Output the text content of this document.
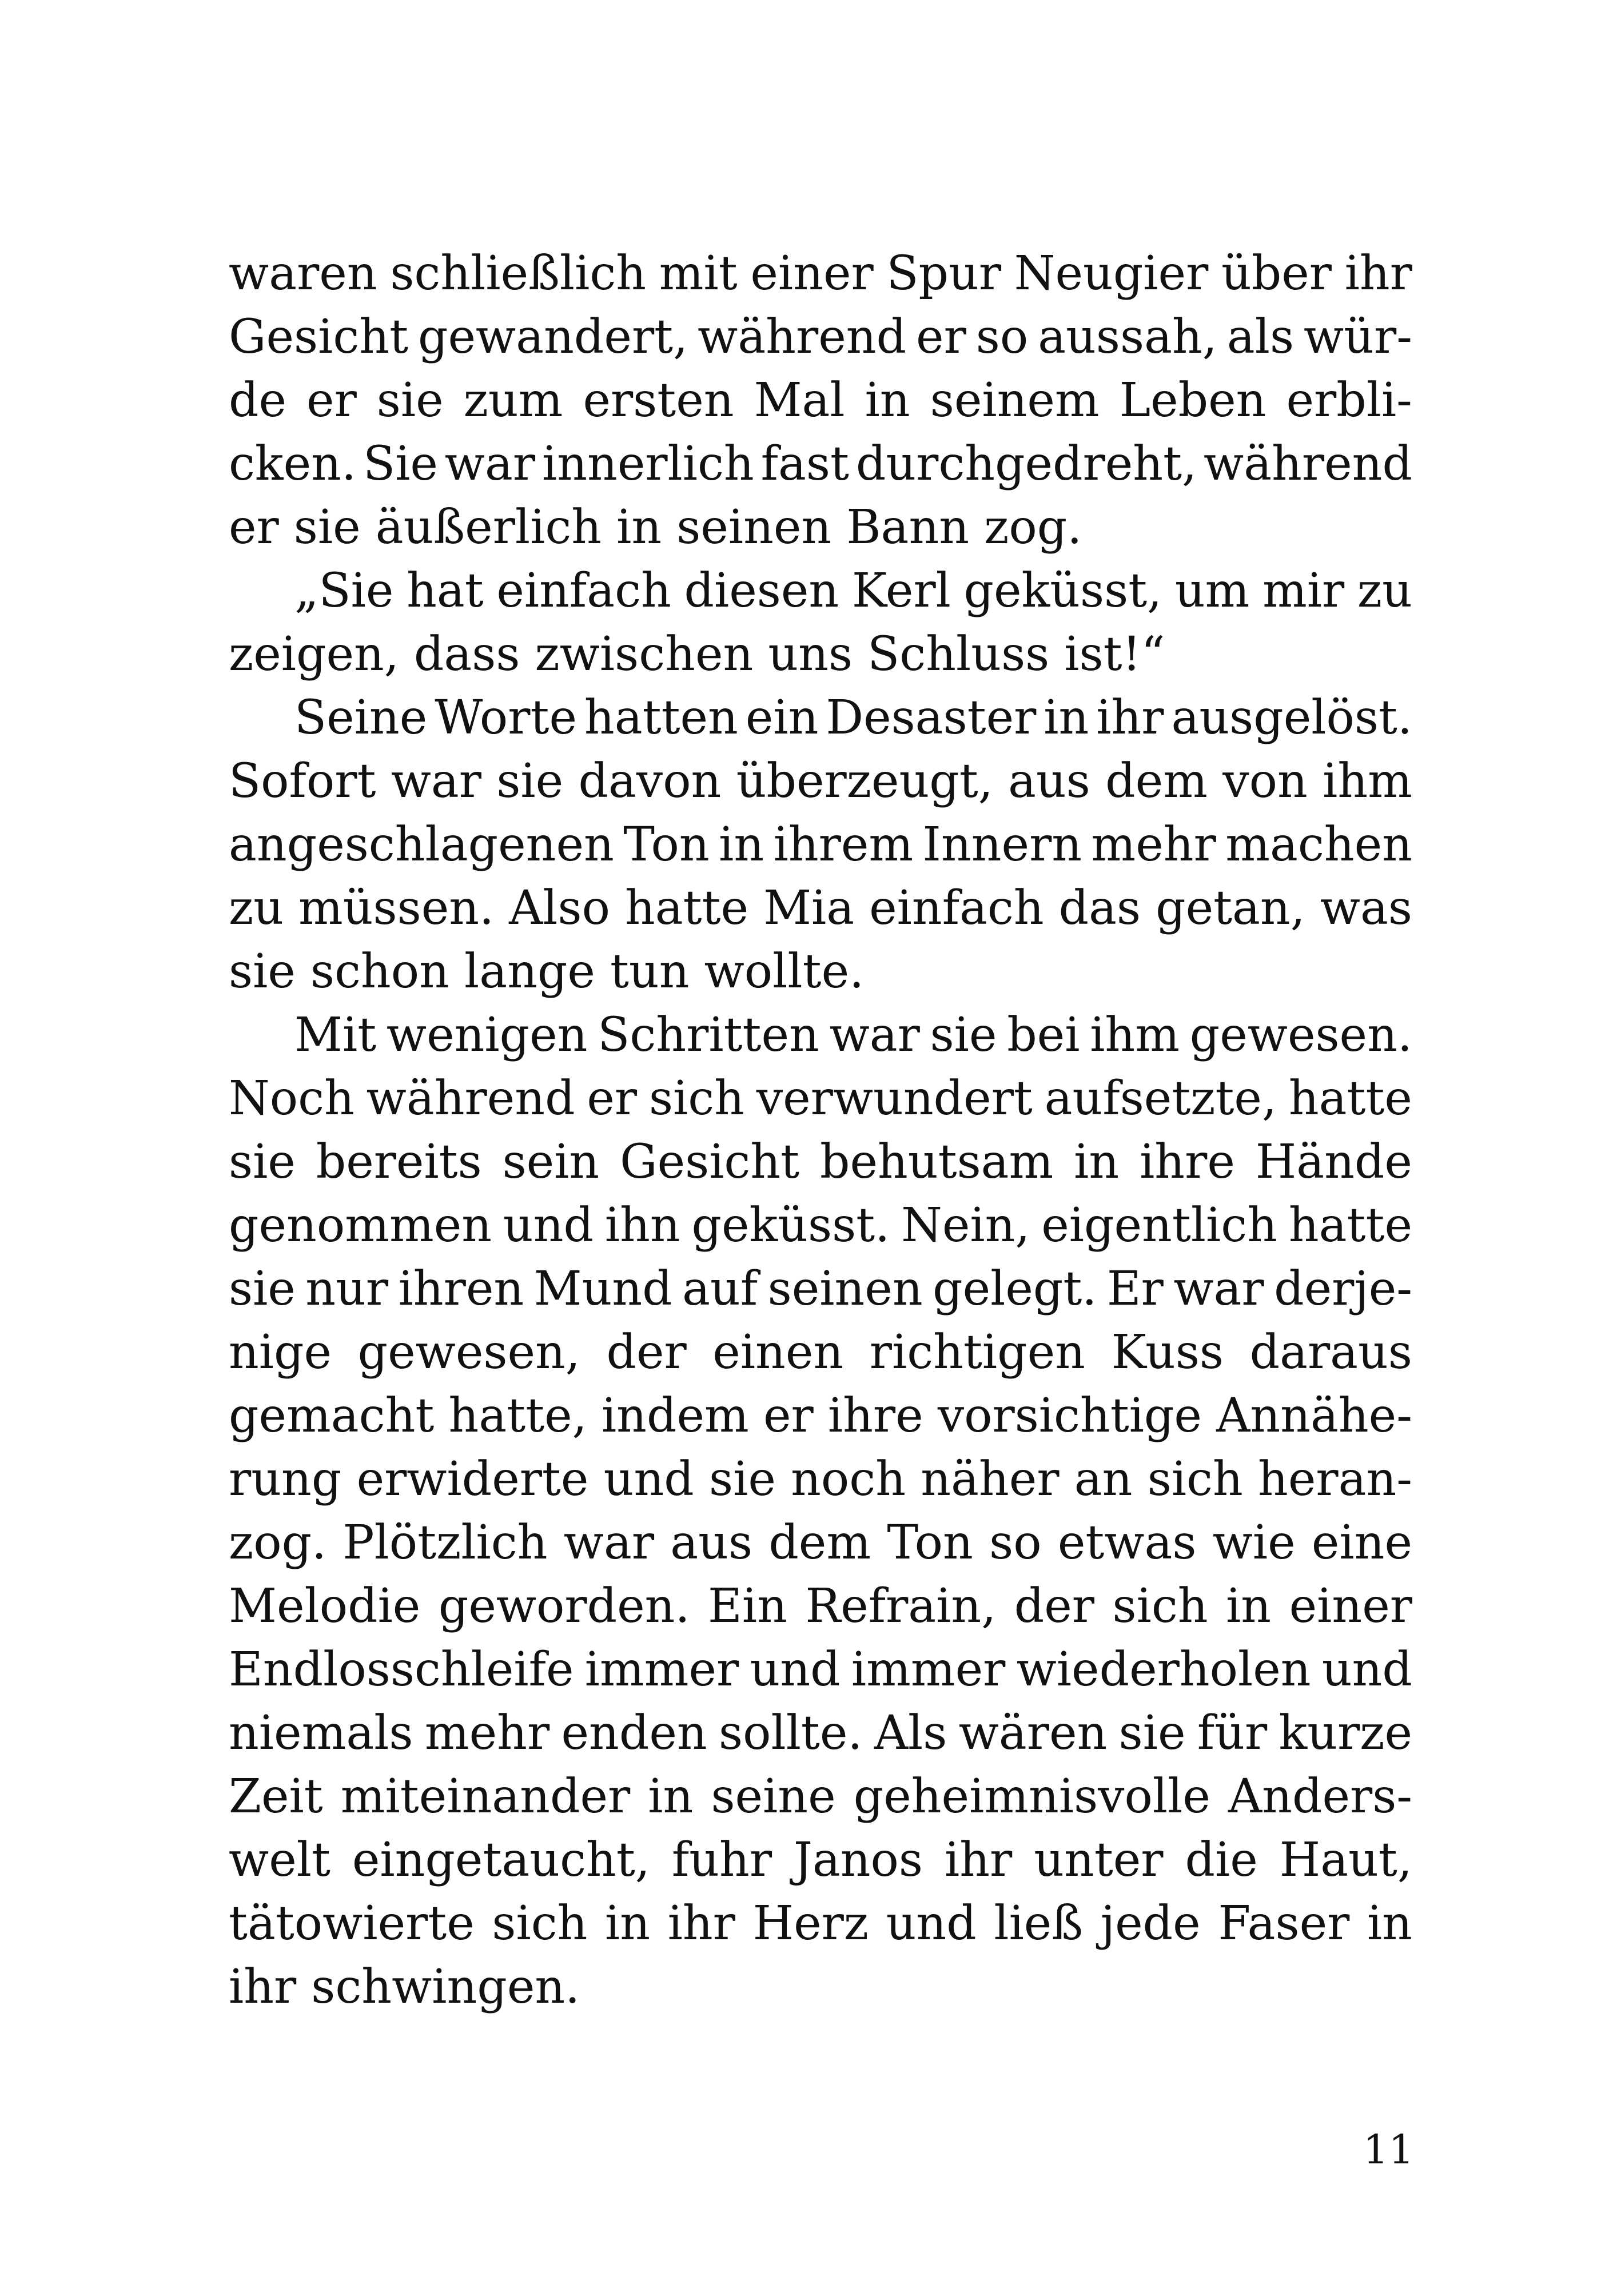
waren schließlich mit einer Spur Neugier über ihr
Gesicht gewandert, während er so aussah, als wür-
de er sie zum ersten Mal in seinem Leben erbli-
cken. Sie war innerlich fast durchgedreht, während
er sie äußerlich in seinen Bann zog.
„Sie hat einfach diesen Kerl geküsst, um mir zu
zeigen, dass zwischen uns Schluss ist!“
Seine Worte hatten ein Desaster in ihr ausgelöst.
Sofort war sie davon überzeugt, aus dem von ihm
angeschlagenen Ton in ihrem Innern mehr machen
zu müssen. Also hatte Mia einfach das getan, was
sie schon lange tun wollte.
Mit wenigen Schritten war sie bei ihm gewesen.
Noch während er sich verwundert aufsetzte, hatte
sie bereits sein Gesicht behutsam in ihre Hände
genommen und ihn geküsst. Nein, eigentlich hatte
sie nur ihren Mund auf seinen gelegt. Er war derje-
nige gewesen, der einen richtigen Kuss daraus
gemacht hatte, indem er ihre vorsichtige Annähe-
rung erwiderte und sie noch näher an sich heran-
zog. Plötzlich war aus dem Ton so etwas wie eine
Melodie geworden. Ein Refrain, der sich in einer
Endlosschleife immer und immer wiederholen und
niemals mehr enden sollte. Als wären sie für kurze
Zeit miteinander in seine geheimnisvolle Anders-
welt eingetaucht, fuhr Janos ihr unter die Haut,
tätowierte sich in ihr Herz und ließ jede Faser in
ihr schwingen.
11
